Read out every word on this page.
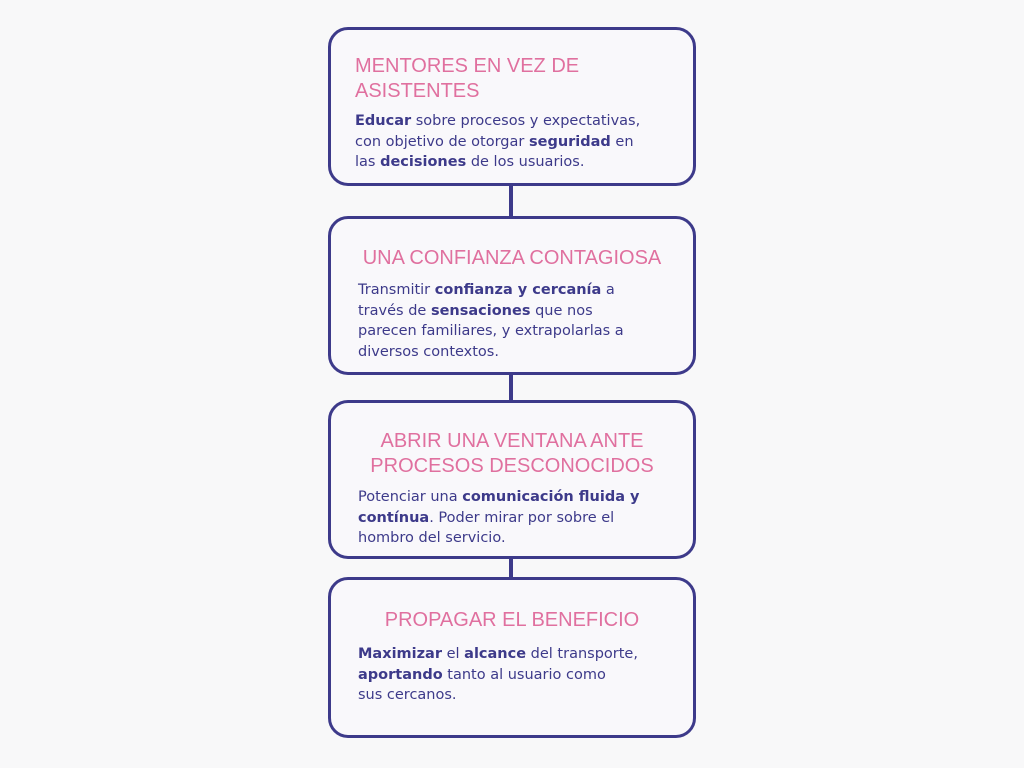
MENTORES EN VEZ DE ASISTENTES

Educar sobre procesos y expectativas,
con objetivo de otorgar seguridad en
las decisiones de los usuarios.

UNA CONFIANZA CONTAGIOSA

Transmitir confianza y cercanía a
través de sensaciones que nos
parecen familiares, y extrapolarlas a
diversos contextos.

ABRIR UNA VENTANA ANTE PROCESOS DESCONOCIDOS

Potenciar una comunicación fluida y
contínua. Poder mirar por sobre el
hombro del servicio.

PROPAGAR EL BENEFICIO

Maximizar el alcance del transporte,
aportando tanto al usuario como
sus cercanos.
